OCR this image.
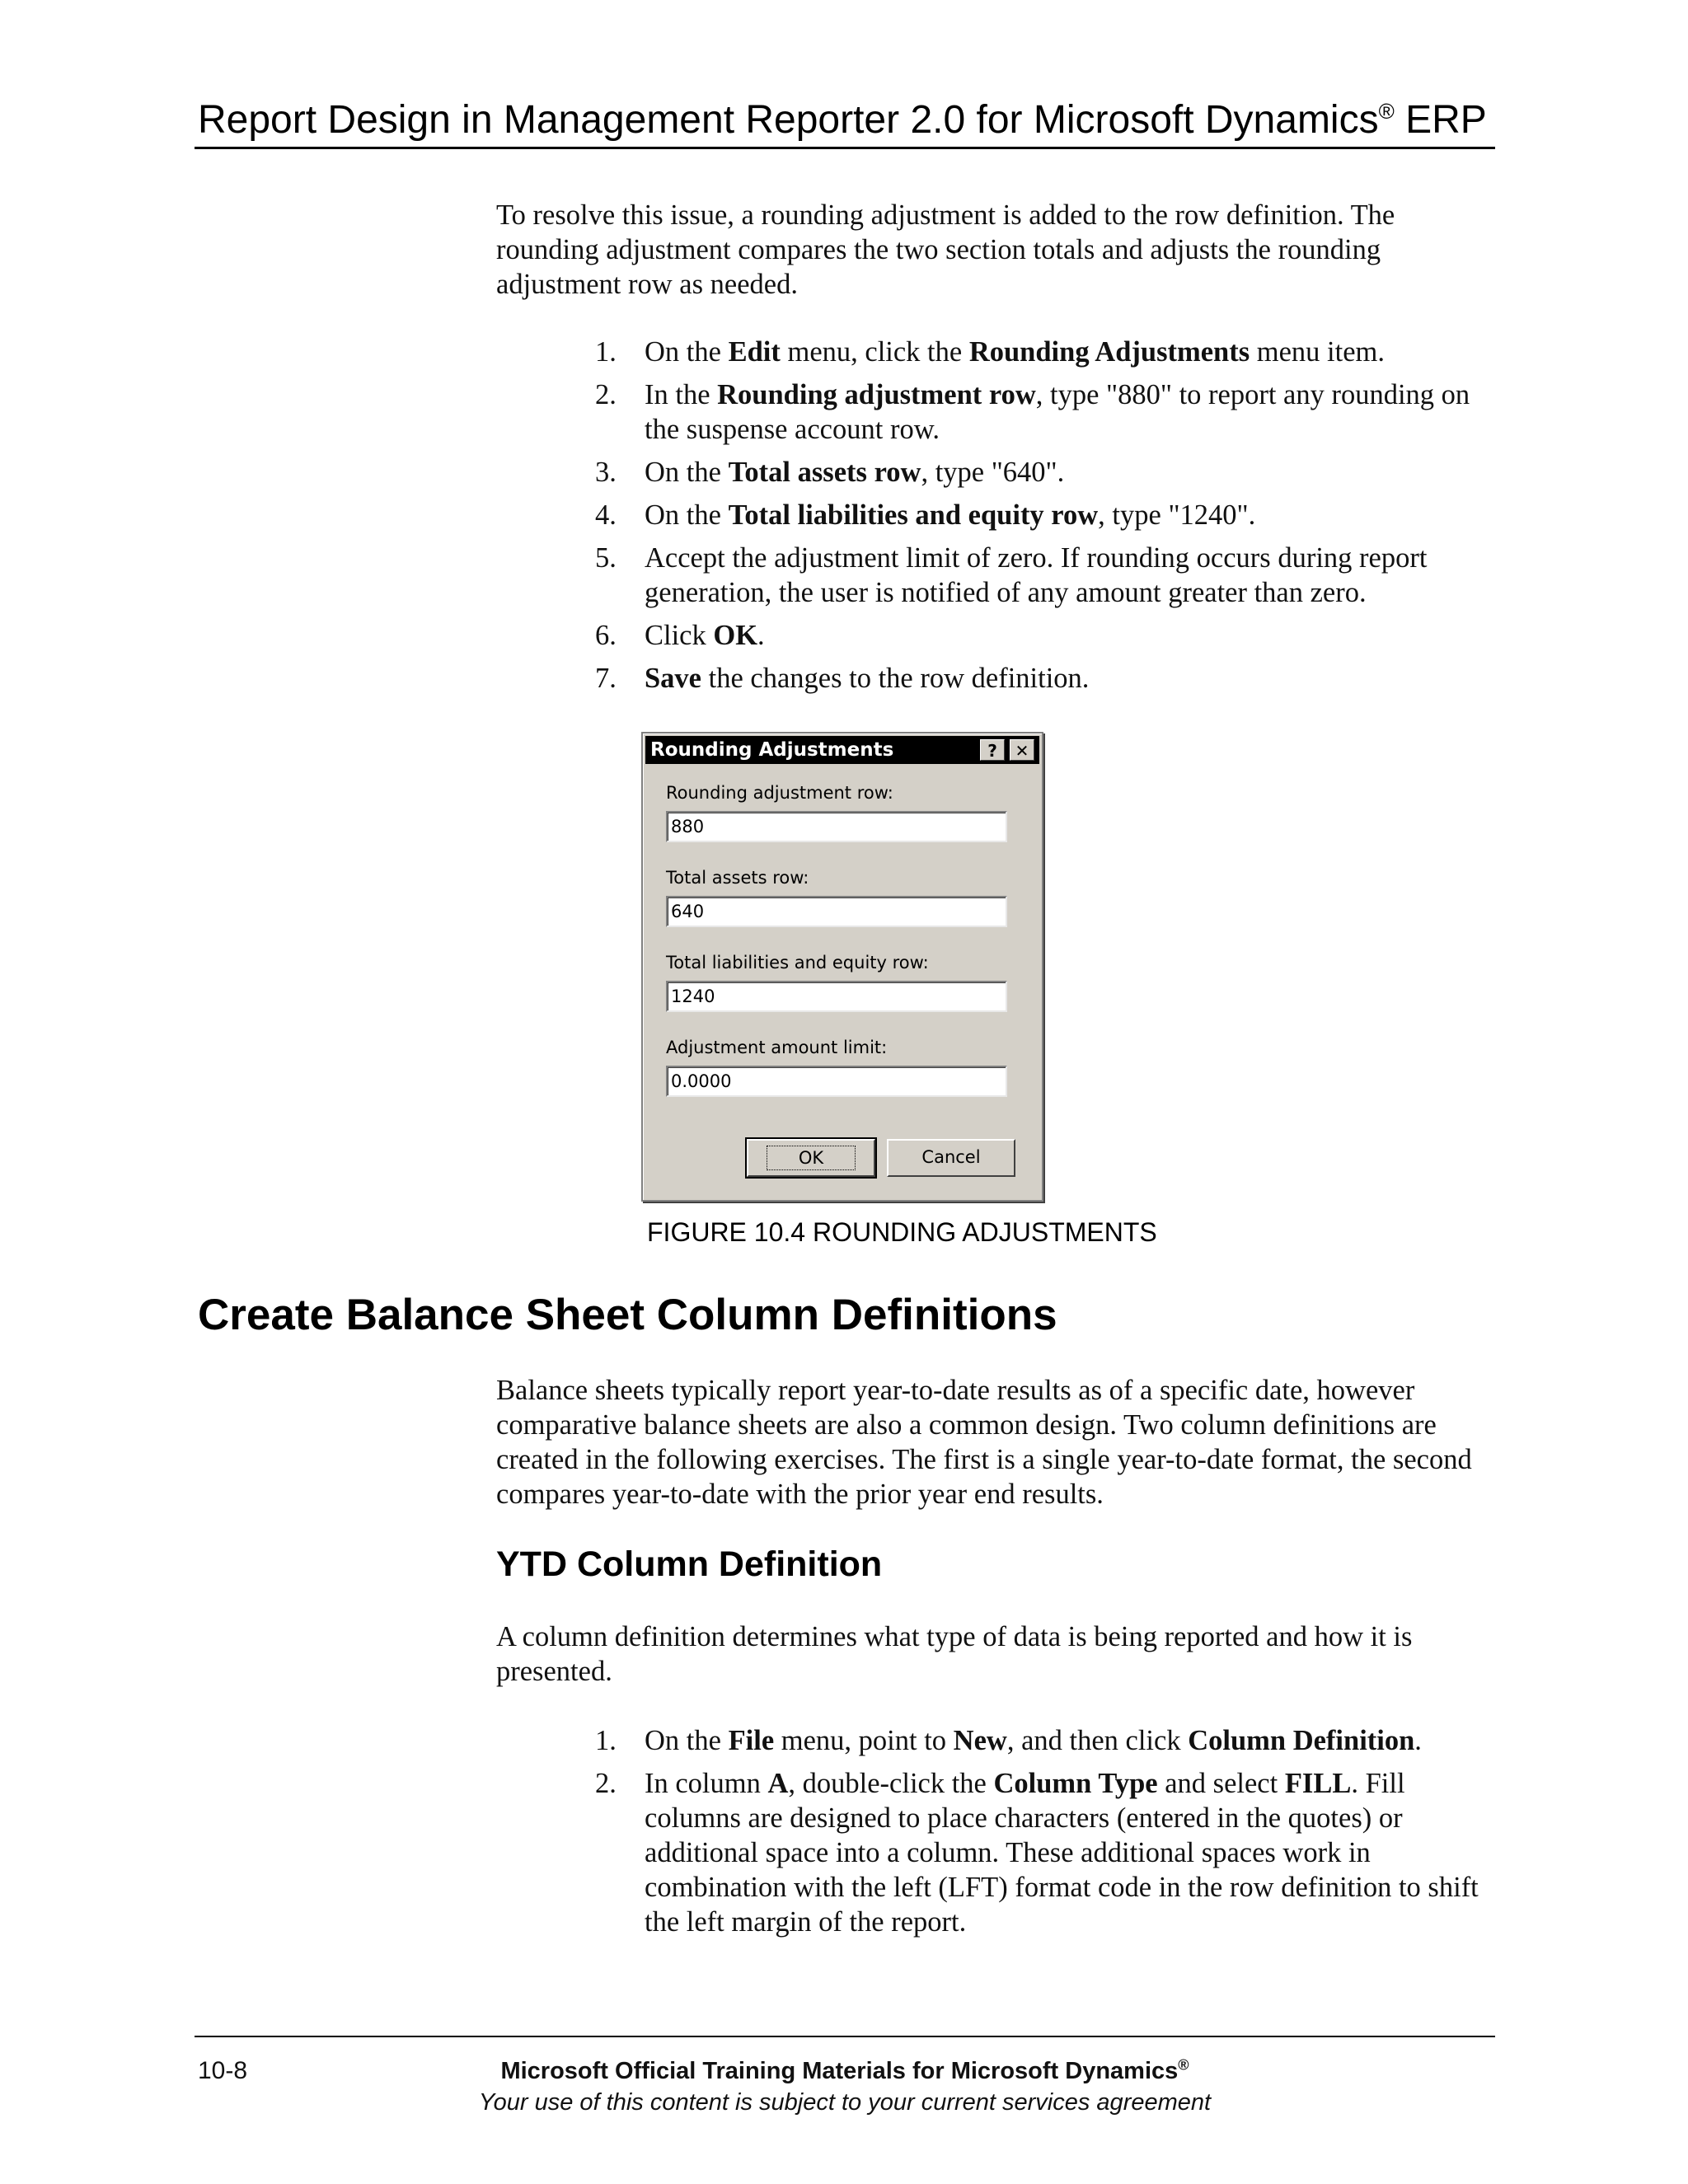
Report Design in Management Reporter 2.0 for Microsoft Dynamics® ERP

To resolve this issue, a rounding adjustment is added to the row definition. The rounding adjustment compares the two section totals and adjusts the rounding adjustment row as needed.

1. On the Edit menu, click the Rounding Adjustments menu item.
2. In the Rounding adjustment row, type "880" to report any rounding on the suspense account row.
3. On the Total assets row, type "640".
4. On the Total liabilities and equity row, type "1240".
5. Accept the adjustment limit of zero. If rounding occurs during report generation, the user is notified of any amount greater than zero.
6. Click OK.
7. Save the changes to the row definition.
Rounding Adjustments	?	✕
Rounding adjustment row:
880
Total assets row:
640
Total liabilities and equity row:
1240
Adjustment amount limit:
0.0000
OK	Cancel
FIGURE 10.4 ROUNDING ADJUSTMENTS
Create Balance Sheet Column Definitions

Balance sheets typically report year-to-date results as of a specific date, however comparative balance sheets are also a common design. Two column definitions are created in the following exercises. The first is a single year-to-date format, the second compares year-to-date with the prior year end results.

YTD Column Definition

A column definition determines what type of data is being reported and how it is presented.

1. On the File menu, point to New, and then click Column Definition.
2. In column A, double-click the Column Type and select FILL. Fill columns are designed to place characters (entered in the quotes) or additional space into a column. These additional spaces work in combination with the left (LFT) format code in the row definition to shift the left margin of the report.
10-8	Microsoft Official Training Materials for Microsoft Dynamics®
Your use of this content is subject to your current services agreement
